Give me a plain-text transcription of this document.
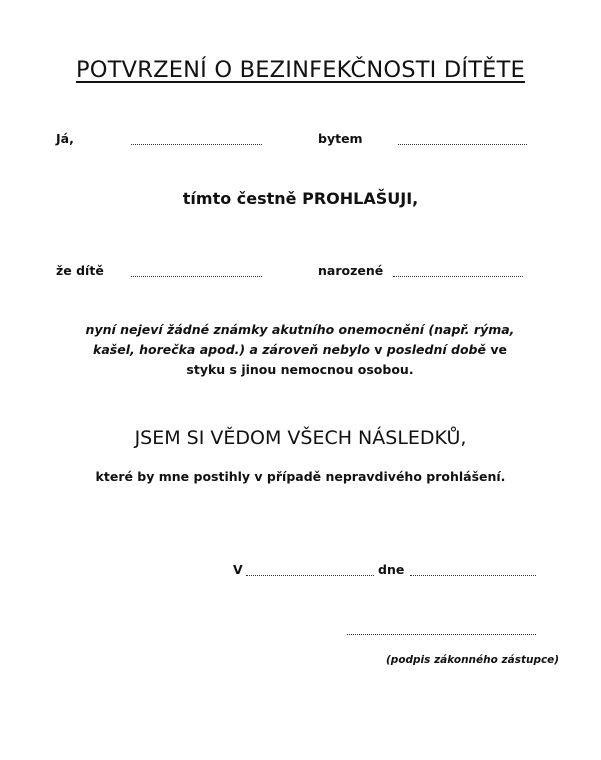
POTVRZENÍ O BEZINFEKČNOSTI DÍTĚTE
Já,	bytem
tímto čestně PROHLAŠUJI,
že dítě	narozené
nyní nejeví žádné známky akutního onemocnění (např. rýma, kašel, horečka apod.) a zároveň nebylo v poslední době ve styku s jinou nemocnou osobou.
JSEM SI VĚDOM VŠECH NÁSLEDKŮ,
které by mne postihly v případě nepravdivého prohlášení.
V	dne
(podpis zákonného zástupce)
